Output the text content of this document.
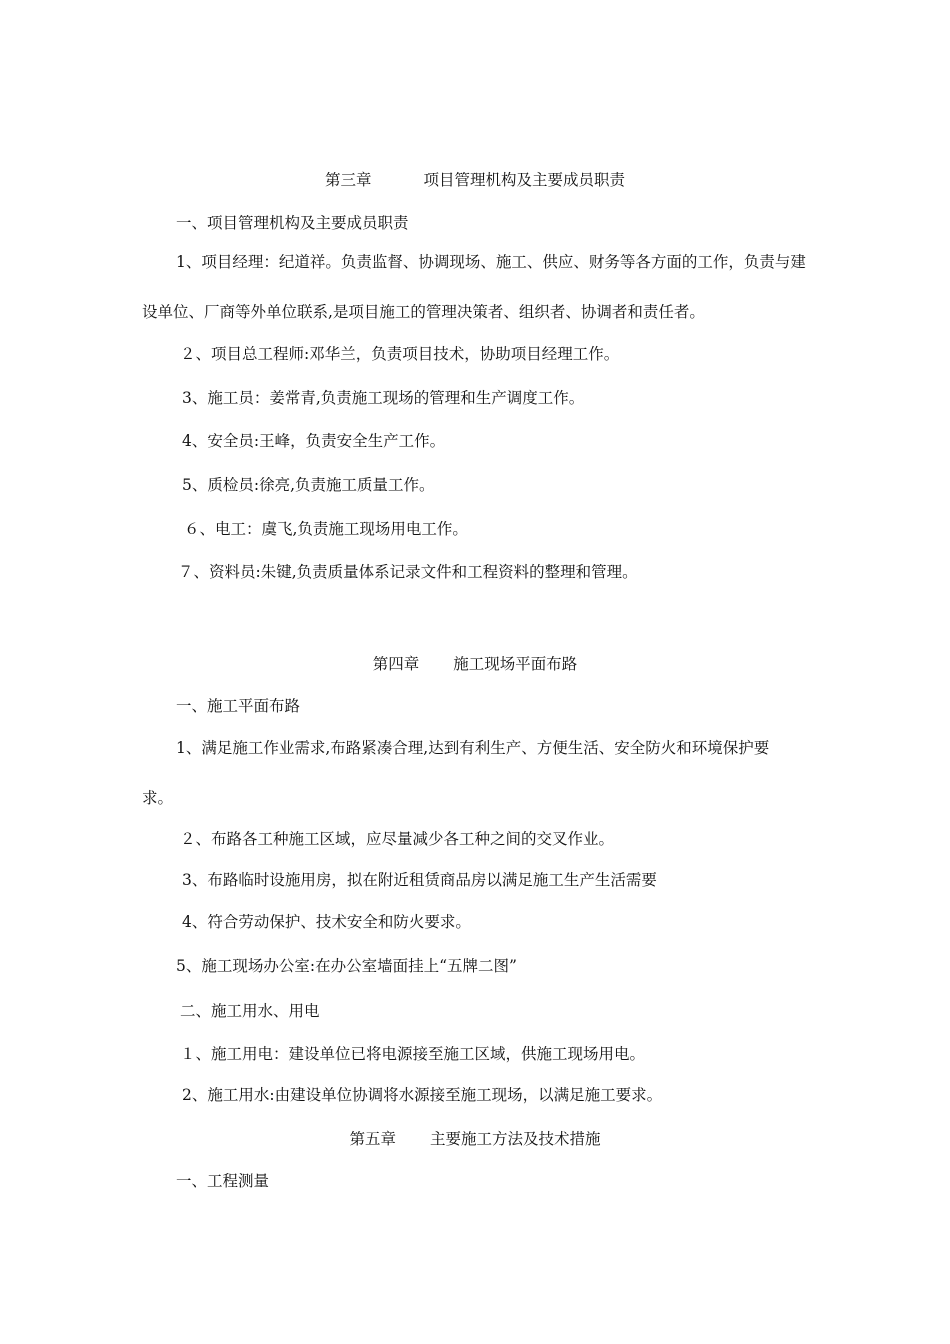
第三章	项目管理机构及主要成员职责

一、项目管理机构及主要成员职责

1、项目经理：纪道祥。负责监督、协调现场、施工、供应、财务等各方面的工作，负责与建

设单位、厂商等外单位联系,是项目施工的管理决策者、组织者、协调者和责任者。

２、项目总工程师:邓华兰，负责项目技术，协助项目经理工作。

3、施工员：姜常青,负责施工现场的管理和生产调度工作。

4、安全员:王峰，负责安全生产工作。

5、质检员:徐亮,负责施工质量工作。

６、电工：虞飞,负责施工现场用电工作。

７、资料员:朱键,负责质量体系记录文件和工程资料的整理和管理。

第四章 施工现场平面布路

一、施工平面布路

1、满足施工作业需求,布路紧凑合理,达到有利生产、方便生活、安全防火和环境保护要

求。

２、布路各工种施工区域，应尽量减少各工种之间的交叉作业。

3、布路临时设施用房，拟在附近租赁商品房以满足施工生产生活需要

4、符合劳动保护、技术安全和防火要求。

5、施工现场办公室:在办公室墙面挂上“五牌二图”

二、施工用水、用电

１、施工用电：建设单位已将电源接至施工区域，供施工现场用电。

2、施工用水:由建设单位协调将水源接至施工现场，以满足施工要求。

第五章 主要施工方法及技术措施

一、工程测量
